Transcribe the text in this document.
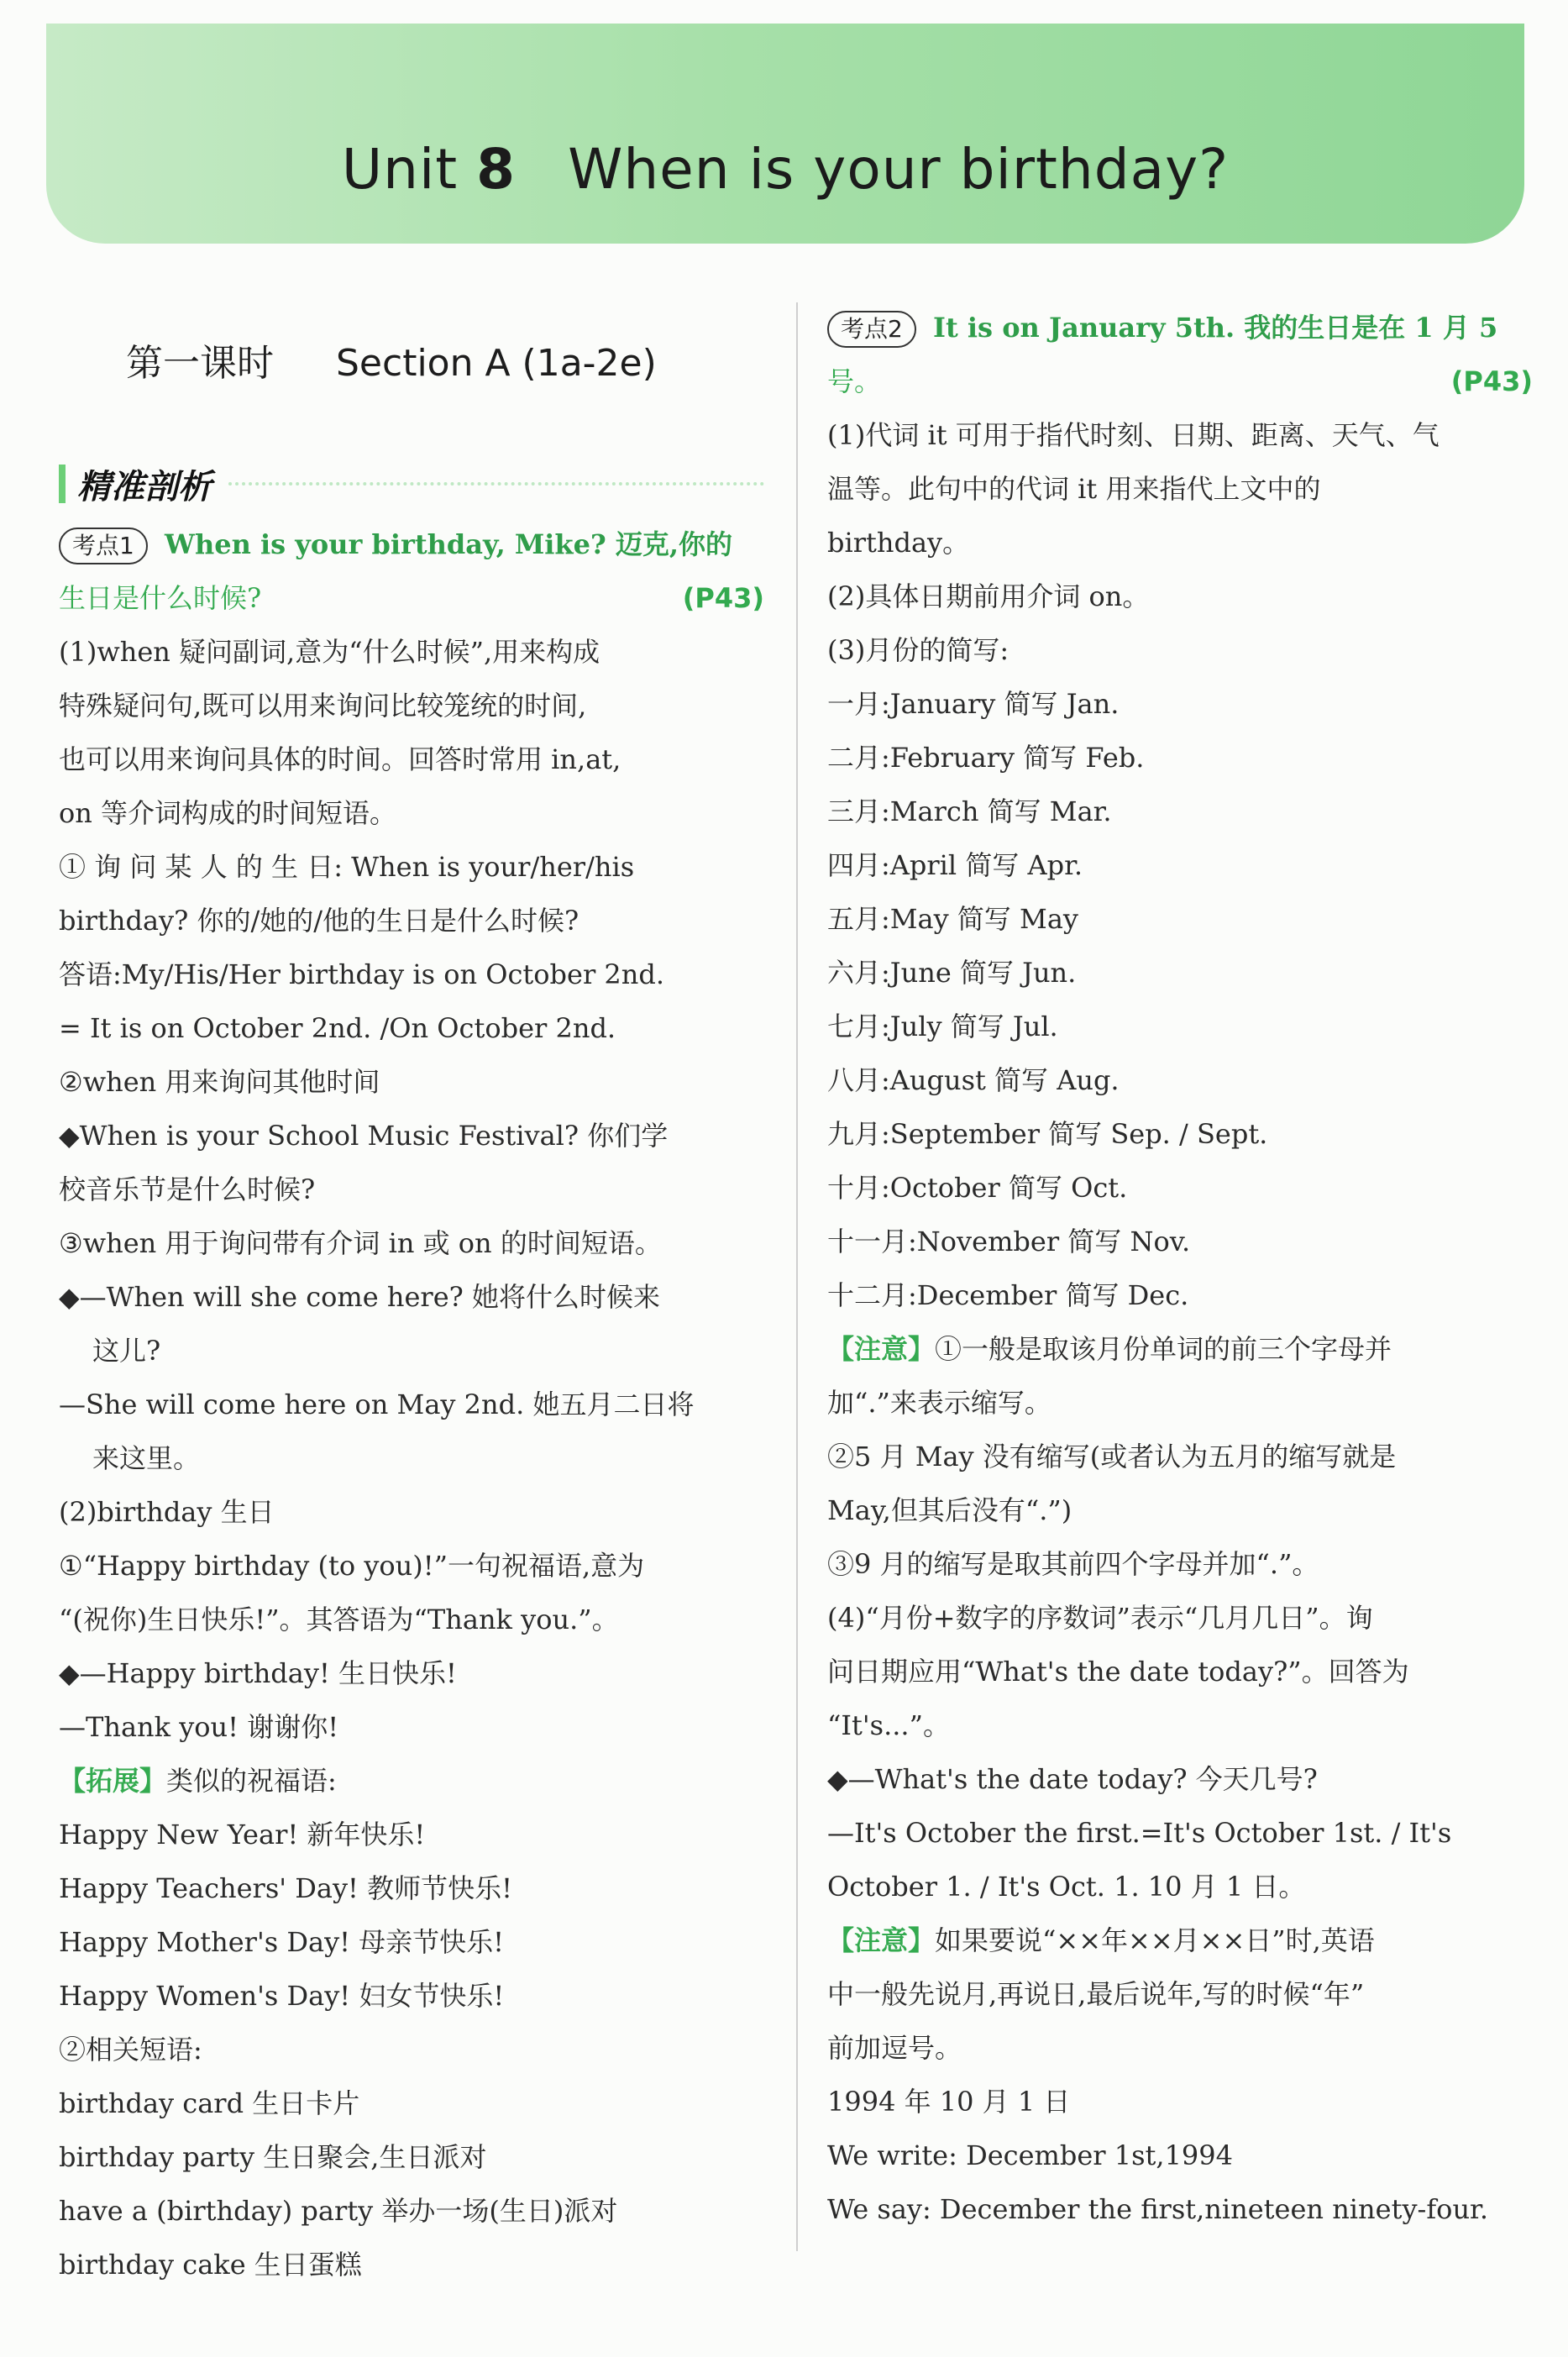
Unit 8 When is your birthday?
第一课时 Section A (1a-2e)
精准剖析
考点1 When is your birthday, Mike? 迈克,你的
生日是什么时候?	(P43)
(1)when 疑问副词,意为“什么时候”,用来构成
特殊疑问句,既可以用来询问比较笼统的时间,
也可以用来询问具体的时间。回答时常用 in,at,
on 等介词构成的时间短语。
① 询 问 某 人 的 生 日: When is your/her/his
birthday? 你的/她的/他的生日是什么时候?
答语:My/His/Her birthday is on October 2nd.
= It is on October 2nd. /On October 2nd.
②when 用来询问其他时间
◆When is your School Music Festival? 你们学
校音乐节是什么时候?
③when 用于询问带有介词 in 或 on 的时间短语。
◆—When will she come here? 她将什么时候来
这儿?
—She will come here on May 2nd. 她五月二日将
来这里。
(2)birthday 生日
①“Happy birthday (to you)!”一句祝福语,意为
“(祝你)生日快乐!”。其答语为“Thank you.”。
◆—Happy birthday! 生日快乐!
—Thank you! 谢谢你!
【拓展】类似的祝福语:
Happy New Year! 新年快乐!
Happy Teachers' Day! 教师节快乐!
Happy Mother's Day! 母亲节快乐!
Happy Women's Day! 妇女节快乐!
②相关短语:
birthday card 生日卡片
birthday party 生日聚会,生日派对
have a (birthday) party 举办一场(生日)派对
birthday cake 生日蛋糕
考点2 It is on January 5th. 我的生日是在 1 月 5
号。	(P43)
(1)代词 it 可用于指代时刻、日期、距离、天气、气
温等。此句中的代词 it 用来指代上文中的
birthday。
(2)具体日期前用介词 on。
(3)月份的简写:
一月:January 简写 Jan.
二月:February 简写 Feb.
三月:March 简写 Mar.
四月:April 简写 Apr.
五月:May 简写 May
六月:June 简写 Jun.
七月:July 简写 Jul.
八月:August 简写 Aug.
九月:September 简写 Sep. / Sept.
十月:October 简写 Oct.
十一月:November 简写 Nov.
十二月:December 简写 Dec.
【注意】①一般是取该月份单词的前三个字母并
加“.”来表示缩写。
②5 月 May 没有缩写(或者认为五月的缩写就是
May,但其后没有“.”)
③9 月的缩写是取其前四个字母并加“.”。
(4)“月份+数字的序数词”表示“几月几日”。询
问日期应用“What's the date today?”。回答为
“It's...”。
◆—What's the date today? 今天几号?
—It's October the first.=It's October 1st. / It's
October 1. / It's Oct. 1. 10 月 1 日。
【注意】如果要说“××年××月××日”时,英语
中一般先说月,再说日,最后说年,写的时候“年”
前加逗号。
1994 年 10 月 1 日
We write: December 1st,1994
We say: December the first,nineteen ninety-four.
